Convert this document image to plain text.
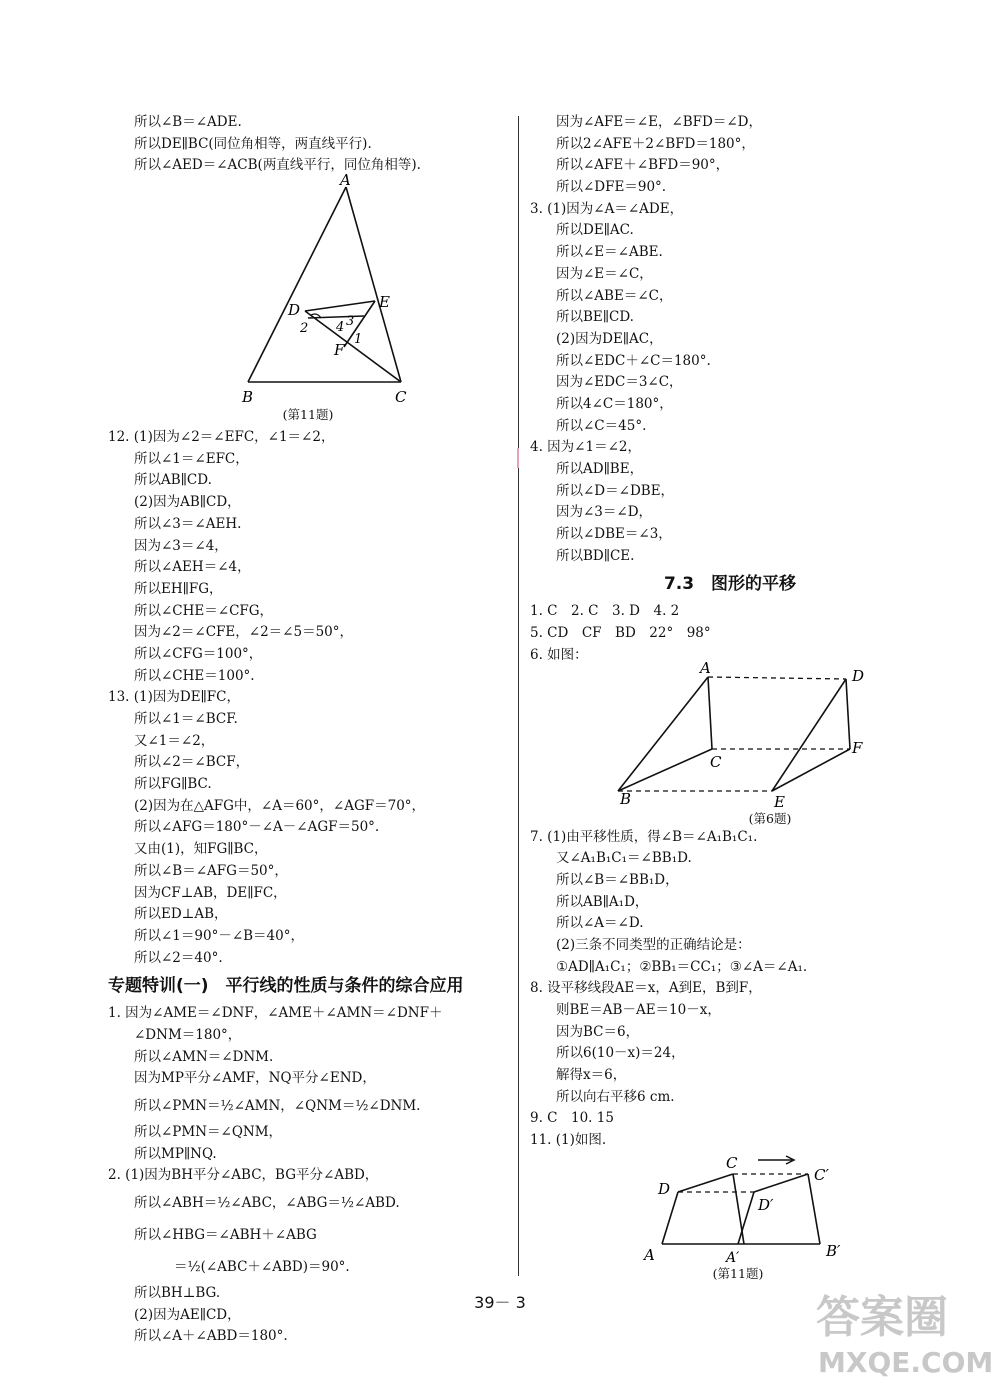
所以∠B＝∠ADE.
所以DE∥BC(同位角相等，两直线平行).
所以∠AED＝∠ACB(两直线平行，同位角相等).
A
D	E
F
B	C
2 4 3
1
(第11题)
12. (1)因为∠2＝∠EFC，∠1＝∠2，
所以∠1＝∠EFC，
所以AB∥CD.
(2)因为AB∥CD，
所以∠3＝∠AEH.
因为∠3＝∠4，
所以∠AEH＝∠4，
所以EH∥FG，
所以∠CHE＝∠CFG，
因为∠2＝∠CFE，∠2＝∠5＝50°，
所以∠CFG＝100°，
所以∠CHE＝100°.
13. (1)因为DE∥FC，
所以∠1＝∠BCF.
又∠1＝∠2，
所以∠2＝∠BCF，
所以FG∥BC.
(2)因为在△AFG中，∠A＝60°，∠AGF＝70°，
所以∠AFG＝180°－∠A－∠AGF＝50°.
又由(1)，知FG∥BC，
所以∠B＝∠AFG＝50°，
因为CF⊥AB，DE∥FC，
所以ED⊥AB，
所以∠1＝90°－∠B＝40°，
所以∠2＝40°.
专题特训(一)　平行线的性质与条件的综合应用
1. 因为∠AME＝∠DNF，∠AME＋∠AMN＝∠DNF＋
∠DNM＝180°，
所以∠AMN＝∠DNM.
因为MP平分∠AMF，NQ平分∠END，
所以∠PMN＝½∠AMN，∠QNM＝½∠DNM.
所以∠PMN＝∠QNM，
所以MP∥NQ.
2. (1)因为BH平分∠ABC，BG平分∠ABD，
所以∠ABH＝½∠ABC，∠ABG＝½∠ABD.
所以∠HBG＝∠ABH＋∠ABG
＝½(∠ABC＋∠ABD)＝90°.
所以BH⊥BG.
(2)因为AE∥CD，
所以∠A＋∠ABD＝180°.
因为∠AFE＝∠E，∠BFD＝∠D，
所以2∠AFE＋2∠BFD＝180°，
所以∠AFE＋∠BFD＝90°，
所以∠DFE＝90°.
3. (1)因为∠A＝∠ADE，
所以DE∥AC.
所以∠E＝∠ABE.
因为∠E＝∠C，
所以∠ABE＝∠C，
所以BE∥CD.
(2)因为DE∥AC，
所以∠EDC＋∠C＝180°.
因为∠EDC＝3∠C，
所以4∠C＝180°，
所以∠C＝45°.
4. 因为∠1＝∠2，
所以AD∥BE，
所以∠D＝∠DBE，
因为∠3＝∠D，
所以∠DBE＝∠3，
所以BD∥CE.
7.3　图形的平移
1. C　2. C　3. D　4. 2
5. CD　CF　BD　22°　98°
6. 如图：
A	D
C
F
B	E
(第6题)
7. (1)由平移性质，得∠B＝∠A₁B₁C₁.
又∠A₁B₁C₁＝∠BB₁D.
所以∠B＝∠BB₁D，
所以AB∥A₁D，
所以∠A＝∠D.
(2)三条不同类型的正确结论是：
①AD∥A₁C₁；②BB₁＝CC₁；③∠A＝∠A₁.
8. 设平移线段AE＝x，A到E，B到F，
则BE＝AB－AE＝10－x，
因为BC＝6，
所以6(10－x)＝24，
解得x＝6，
所以向右平移6 cm.
9. C　10. 15
11. (1)如图.
C
C′
D
D′
A	A′	B′
(第11题)
39－ 3	答案圈
MXQE.COM
